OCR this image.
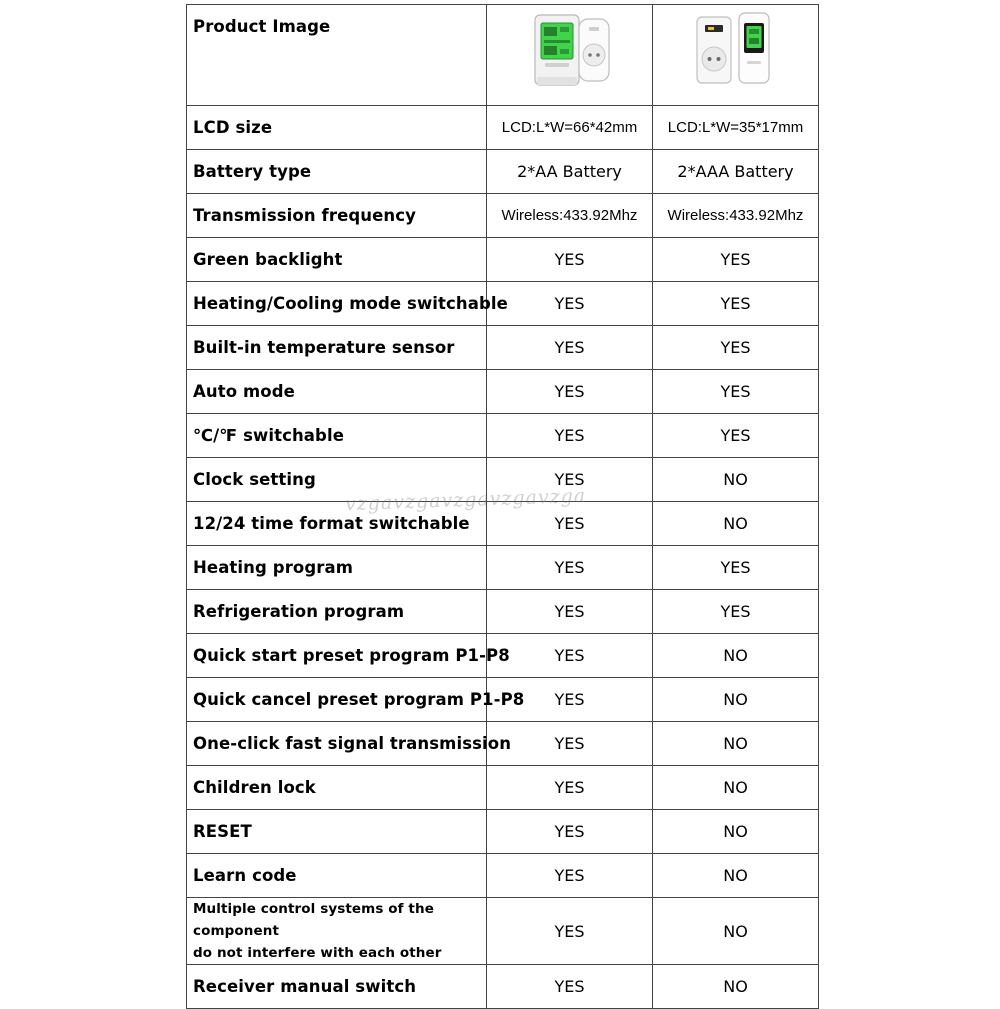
Product Image	

LCD size	LCD:L*W=66*42mm	LCD:L*W=35*17mm
Battery type	2*AA Battery	2*AAA Battery
Transmission frequency	Wireless:433.92Mhz	Wireless:433.92Mhz
Green backlight	YES	YES
Heating/Cooling mode switchable	YES	YES
Built-in temperature sensor	YES	YES
Auto mode	YES	YES
℃/℉ switchable	YES	YES
Clock setting	YES	NO
12/24 time format switchable	YES	NO
Heating program	YES	YES
Refrigeration program	YES	YES
Quick start preset program P1-P8	YES	NO
Quick cancel preset program P1-P8	YES	NO
One-click fast signal transmission	YES	NO
Children lock	YES	NO
RESET	YES	NO
Learn code	YES	NO
Multiple control systems of the component
do not interfere with each other	YES	NO
Receiver manual switch	YES	NO
vzgavzgavzgavzgavzga
